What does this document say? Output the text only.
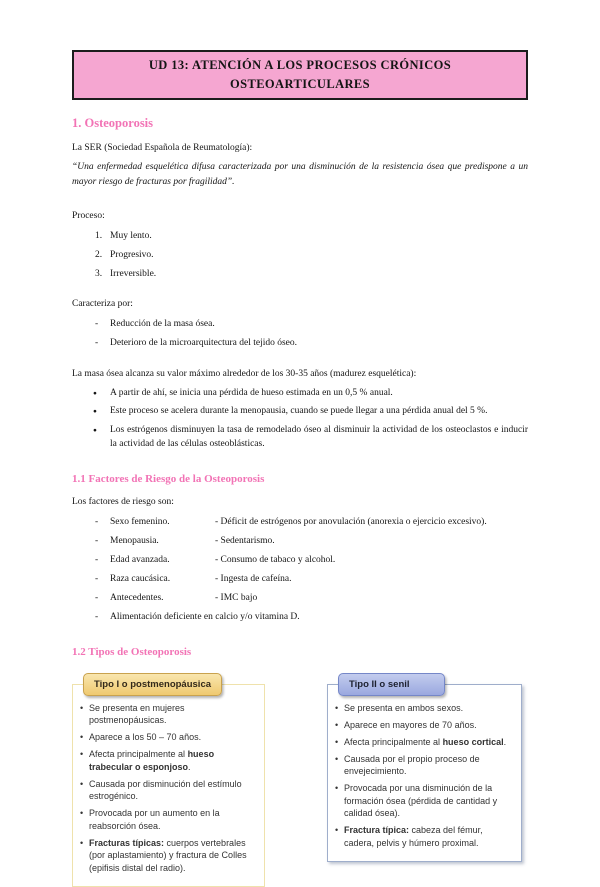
UD 13: ATENCIÓN A LOS PROCESOS CRÓNICOS
OSTEOARTICULARES
1. Osteoporosis

La SER (Sociedad Española de Reumatología):

“Una enfermedad esquelética difusa caracterizada por una disminución de la resistencia ósea que predispone a un mayor riesgo de fracturas por fragilidad”.

Proceso:

Muy lento.
Progresivo.
Irreversible.

Caracteriza por:

- Reducción de la masa ósea.
- Deterioro de la microarquitectura del tejido óseo.

La masa ósea alcanza su valor máximo alrededor de los 30-35 años (madurez esquelética):

● A partir de ahí, se inicia una pérdida de hueso estimada en un 0,5 % anual.
● Este proceso se acelera durante la menopausia, cuando se puede llegar a una pérdida anual del 5 %.
● Los estrógenos disminuyen la tasa de remodelado óseo al disminuir la actividad de los osteoclastos e inducir la actividad de las células osteoblásticas.
1.1 Factores de Riesgo de la Osteoporosis

Los factores de riesgo son:

-	Sexo femenino.	- Déficit de estrógenos por anovulación (anorexia o ejercicio excesivo).
-	Menopausia.	- Sedentarismo.
-	Edad avanzada.	- Consumo de tabaco y alcohol.
-	Raza caucásica.	- Ingesta de cafeína.
-	Antecedentes.	- IMC bajo
-	Alimentación deficiente en calcio y/o vitamina D.
1.2 Tipos de Osteoporosis
Tipo I o postmenopáusica
• Se presenta en mujeres postmenopáusicas.
• Aparece a los 50 – 70 años.
• Afecta principalmente al hueso trabecular o esponjoso.
• Causada por disminución del estímulo estrogénico.
• Provocada por un aumento en la reabsorción ósea.
• Fracturas típicas: cuerpos vertebrales (por aplastamiento) y fractura de Colles (epifisis distal del radio).
Tipo II o senil
• Se presenta en ambos sexos.
• Aparece en mayores de 70 años.
• Afecta principalmente al hueso cortical.
• Causada por el propio proceso de envejecimiento.
• Provocada por una disminución de la formación ósea (pérdida de cantidad y calidad ósea).
• Fractura típica: cabeza del fémur, cadera, pelvis y húmero proximal.
